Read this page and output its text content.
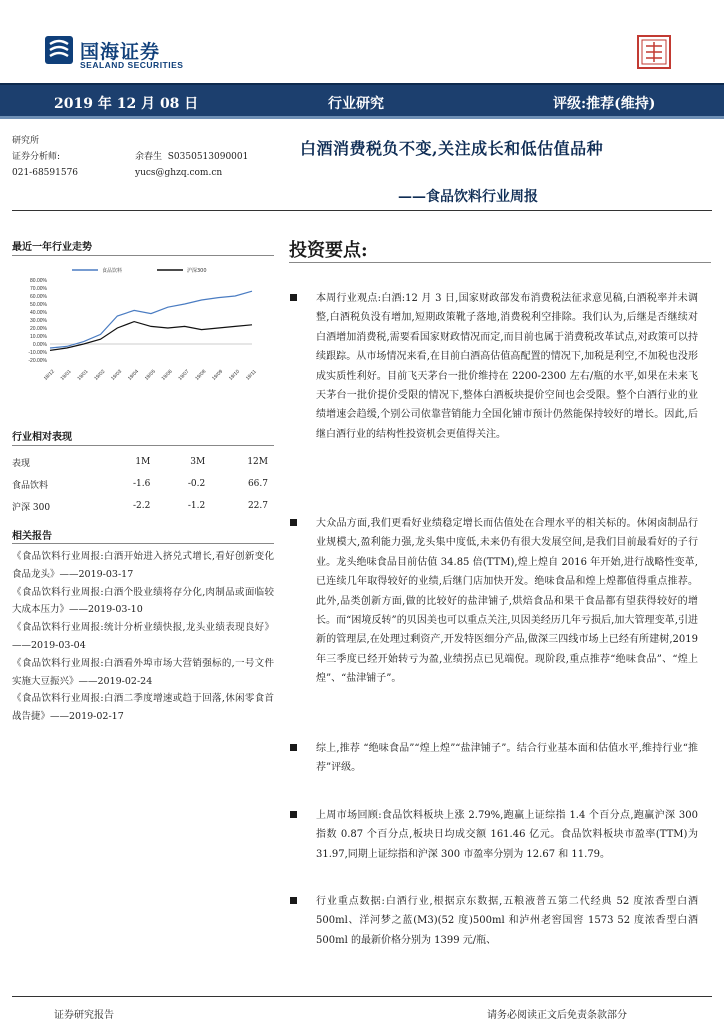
国海证券
SEALAND SECURITIES
2019 年 12 月 08 日	行业研究	评级:推荐(维持)
研究所
证券分析师:	余春生 S0350513090001
021-68591576	yucs@ghzq.com.cn
白酒消费税负不变,关注成长和低估值品种
——食品饮料行业周报
最近一年行业走势
80.00%
70.00%
60.00%
50.00%
40.00%
30.00%
20.00%
10.00%
0.00%
-10.00%
-20.00%
18/12 19/01 19/01 19/02 19/03 19/04 19/05 19/06 19/07 19/08 19/09 19/10 19/11
食品饮料	沪深300
行业相对表现
表现	1M	3M	12M
食品饮料	-1.6	-0.2	66.7
沪深 300	-2.2	-1.2	22.7
相关报告

《食品饮料行业周报:白酒开始进入挤兑式增长,看好创新变化食品龙头》——2019-03-17

《食品饮料行业周报:白酒个股业绩将存分化,肉制品或面临较大成本压力》——2019-03-10

《食品饮料行业周报:统计分析业绩快报,龙头业绩表现良好》——2019-03-04

《食品饮料行业周报:白酒看外埠市场大营销强标的,一号文件实施大豆振兴》——2019-02-24

《食品饮料行业周报:白酒二季度增速或趋于回落,休闲零食首战告捷》——2019-02-17

投资要点:
本周行业观点:白酒:12 月 3 日,国家财政部发布消费税法征求意见稿,白酒税率并未调整,白酒税负没有增加,短期政策靴子落地,消费税利空排除。我们认为,后继是否继续对白酒增加消费税,需要看国家财政情况而定,而目前也属于消费税改革试点,对政策可以持续跟踪。从市场情况来看,在目前白酒高估值高配置的情况下,加税是利空,不加税也没形成实质性利好。目前飞天茅台一批价维持在 2200-2300 左右/瓶的水平,如果在未来飞天茅台一批价提价受限的情况下,整体白酒板块提价空间也会受限。整个白酒行业的业绩增速会趋缓,个别公司依靠营销能力全国化铺市预计仍然能保持较好的增长。因此,后继白酒行业的结构性投资机会更值得关注。
大众品方面,我们更看好业绩稳定增长而估值处在合理水平的相关标的。休闲卤制品行业规模大,盈利能力强,龙头集中度低,未来仍有很大发展空间,是我们目前最看好的子行业。龙头绝味食品目前估值 34.85 倍(TTM),煌上煌自 2016 年开始,进行战略性变革,已连续几年取得较好的业绩,后继门店加快开发。绝味食品和煌上煌都值得重点推荐。此外,品类创新方面,做的比较好的盐津铺子,烘焙食品和果干食品都有望获得较好的增长。而“困境反转”的贝因美也可以重点关注,贝因美经历几年亏损后,加大管理变革,引进新的管理层,在处理过剩资产,开发特医细分产品,做深三四线市场上已经有所建树,2019 年三季度已经开始转亏为盈,业绩拐点已见端倪。现阶段,重点推荐“绝味食品”、“煌上煌”、“盐津铺子”。
综上,推荐 “绝味食品”“煌上煌”“盐津铺子”。结合行业基本面和估值水平,维持行业“推荐”评级。
上周市场回顾:食品饮料板块上涨 2.79%,跑赢上证综指 1.4 个百分点,跑赢沪深 300 指数 0.87 个百分点,板块日均成交额 161.46 亿元。食品饮料板块市盈率(TTM)为 31.97,同期上证综指和沪深 300 市盈率分别为 12.67 和 11.79。
行业重点数据:白酒行业,根据京东数据,五粮液普五第二代经典 52 度浓香型白酒 500ml、洋河梦之蓝(M3)(52 度)500ml 和泸州老窖国窖 1573 52 度浓香型白酒 500ml 的最新价格分别为 1399 元/瓶、
证券研究报告	请务必阅读正文后免责条款部分
